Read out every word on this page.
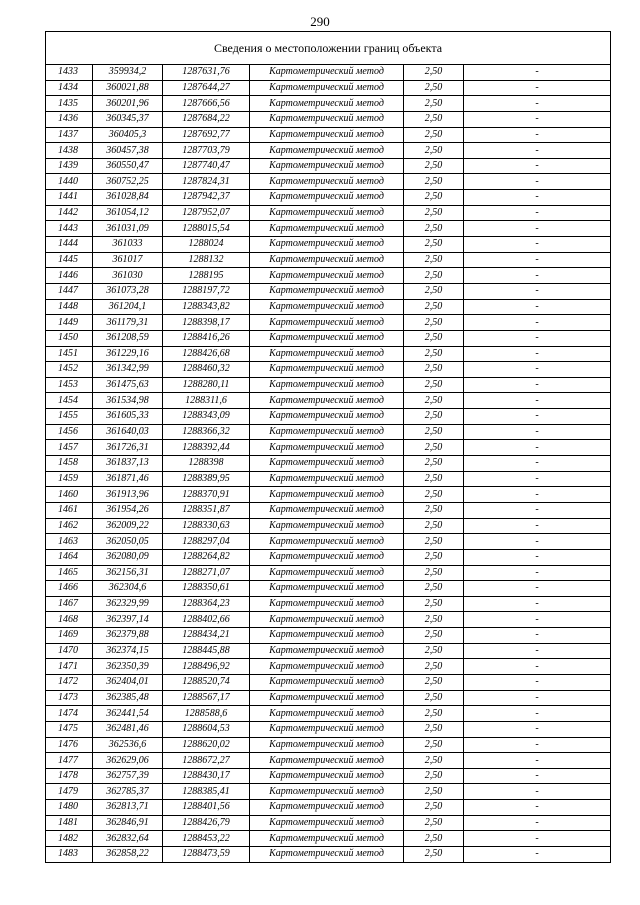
290
Сведения о местоположении границ объекта					
1433	359934,2	1287631,76	Картометрический метод	2,50	-
1434	360021,88	1287644,27	Картометрический метод	2,50	-
1435	360201,96	1287666,56	Картометрический метод	2,50	-
1436	360345,37	1287684,22	Картометрический метод	2,50	-
1437	360405,3	1287692,77	Картометрический метод	2,50	-
1438	360457,38	1287703,79	Картометрический метод	2,50	-
1439	360550,47	1287740,47	Картометрический метод	2,50	-
1440	360752,25	1287824,31	Картометрический метод	2,50	-
1441	361028,84	1287942,37	Картометрический метод	2,50	-
1442	361054,12	1287952,07	Картометрический метод	2,50	-
1443	361031,09	1288015,54	Картометрический метод	2,50	-
1444	361033	1288024	Картометрический метод	2,50	-
1445	361017	1288132	Картометрический метод	2,50	-
1446	361030	1288195	Картометрический метод	2,50	-
1447	361073,28	1288197,72	Картометрический метод	2,50	-
1448	361204,1	1288343,82	Картометрический метод	2,50	-
1449	361179,31	1288398,17	Картометрический метод	2,50	-
1450	361208,59	1288416,26	Картометрический метод	2,50	-
1451	361229,16	1288426,68	Картометрический метод	2,50	-
1452	361342,99	1288460,32	Картометрический метод	2,50	-
1453	361475,63	1288280,11	Картометрический метод	2,50	-
1454	361534,98	1288311,6	Картометрический метод	2,50	-
1455	361605,33	1288343,09	Картометрический метод	2,50	-
1456	361640,03	1288366,32	Картометрический метод	2,50	-
1457	361726,31	1288392,44	Картометрический метод	2,50	-
1458	361837,13	1288398	Картометрический метод	2,50	-
1459	361871,46	1288389,95	Картометрический метод	2,50	-
1460	361913,96	1288370,91	Картометрический метод	2,50	-
1461	361954,26	1288351,87	Картометрический метод	2,50	-
1462	362009,22	1288330,63	Картометрический метод	2,50	-
1463	362050,05	1288297,04	Картометрический метод	2,50	-
1464	362080,09	1288264,82	Картометрический метод	2,50	-
1465	362156,31	1288271,07	Картометрический метод	2,50	-
1466	362304,6	1288350,61	Картометрический метод	2,50	-
1467	362329,99	1288364,23	Картометрический метод	2,50	-
1468	362397,14	1288402,66	Картометрический метод	2,50	-
1469	362379,88	1288434,21	Картометрический метод	2,50	-
1470	362374,15	1288445,88	Картометрический метод	2,50	-
1471	362350,39	1288496,92	Картометрический метод	2,50	-
1472	362404,01	1288520,74	Картометрический метод	2,50	-
1473	362385,48	1288567,17	Картометрический метод	2,50	-
1474	362441,54	1288588,6	Картометрический метод	2,50	-
1475	362481,46	1288604,53	Картометрический метод	2,50	-
1476	362536,6	1288620,02	Картометрический метод	2,50	-
1477	362629,06	1288672,27	Картометрический метод	2,50	-
1478	362757,39	1288430,17	Картометрический метод	2,50	-
1479	362785,37	1288385,41	Картометрический метод	2,50	-
1480	362813,71	1288401,56	Картометрический метод	2,50	-
1481	362846,91	1288426,79	Картометрический метод	2,50	-
1482	362832,64	1288453,22	Картометрический метод	2,50	-
1483	362858,22	1288473,59	Картометрический метод	2,50	-
